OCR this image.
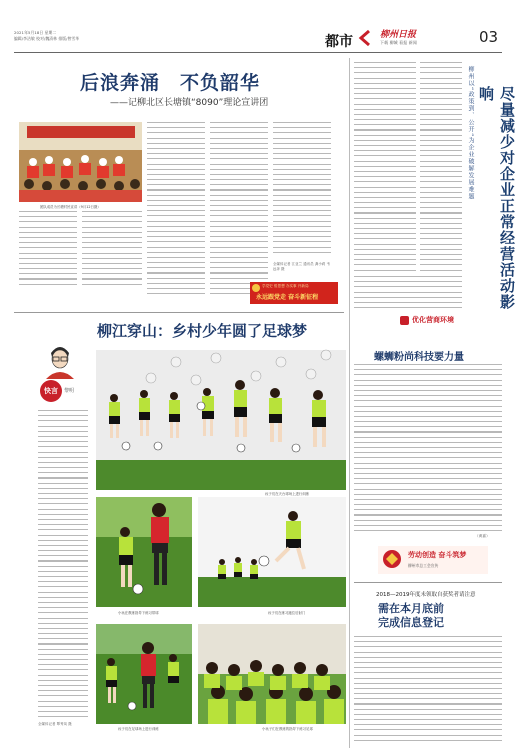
2021年5月18日 星期二
编辑/李洁敏 校对/魏清林 排版/曾雪华	都市	柳州日报
下载 柳城 看报 新闻	03
后浪奔涌　不负韶华
——记柳北区长塘镇“8090”理论宣讲团
团队成员为长塘村民宣讲（9月12日摄）
全媒体记者 江亚兰 通讯员 龚小莉 韦远奔 摄
学党史 悟思想 办实事 开新局
永远跟党走 奋斗新征程
柳江穿山：乡村少年圆了足球梦
快言	黎明
全媒体记者 覃秀凤 摄
孩子们在天台球场上进行训练
小孩在教练指导下练习带球	孩子们在练习跑位后射门
孩子们在足球场上进行训练	小孩子们在教练的指导下练习足球
柳州以“政策到、公开”为企业破解发展难题	尽量减少对企业正常经营活动影响
优化营商环境
螺蛳粉尚科技要力量
（黄嘉）
劳动创造 奋斗筑梦
柳州市总工会宣传
2018—2019年度未领取自获奖者请注意
需在本月底前
完成信息登记
